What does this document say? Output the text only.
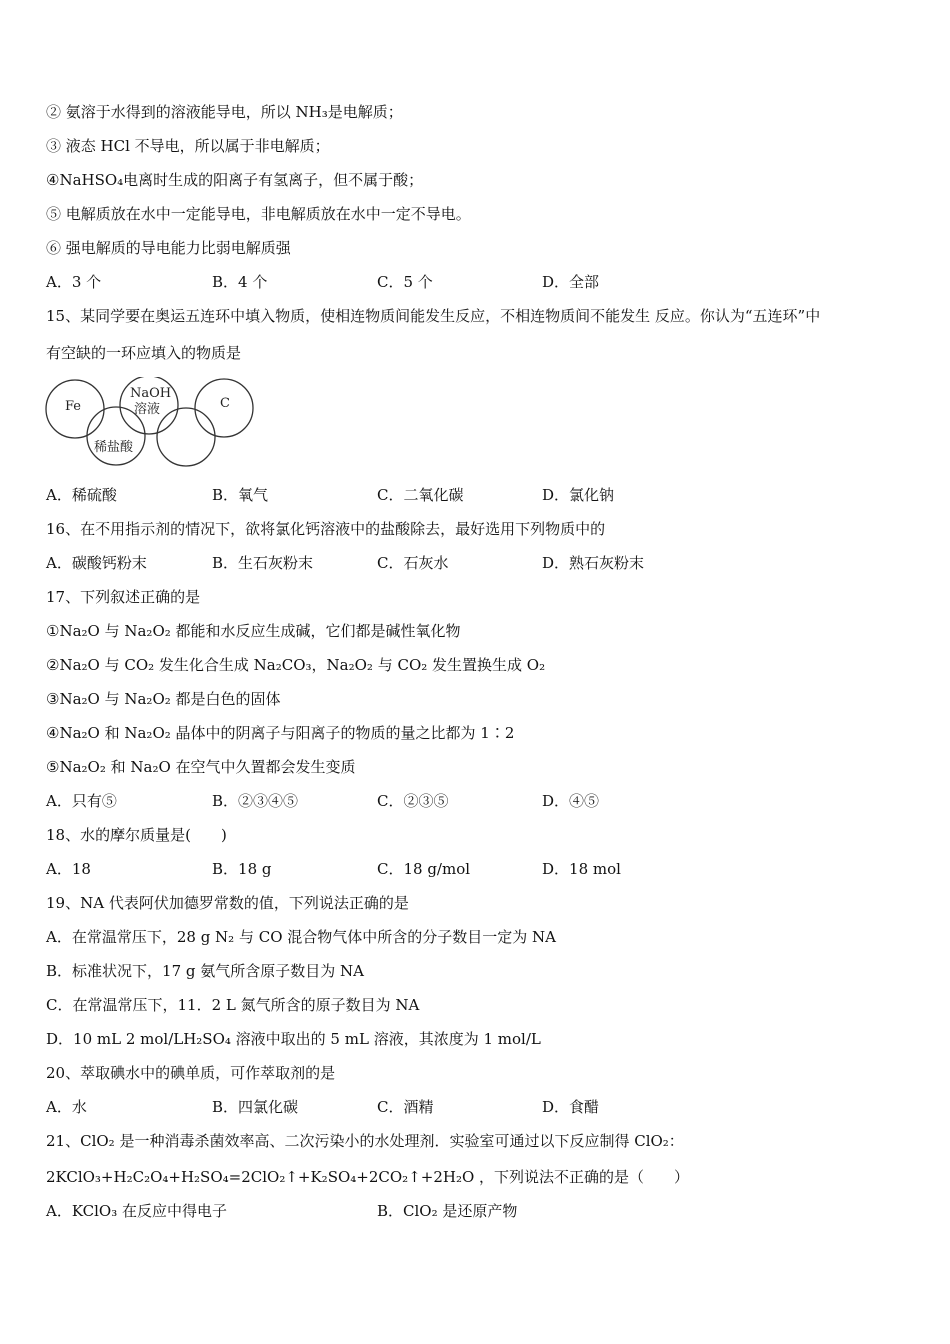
② 氨溶于水得到的溶液能导电，所以 NH₃是电解质；
③ 液态 HCl 不导电，所以属于非电解质；
④NaHSO₄电离时生成的阳离子有氢离子，但不属于酸；
⑤ 电解质放在水中一定能导电，非电解质放在水中一定不导电。
⑥ 强电解质的导电能力比弱电解质强
A．3 个	B．4 个	C．5 个	D．全部
15、某同学要在奥运五连环中填入物质，使相连物质间能发生反应，不相连物质间不能发生 反应。你认为“五连环”中
有空缺的一环应填入的物质是
Fe
NaOH
溶液	C
稀盐酸
A．稀硫酸	B．氧气	C．二氧化碳	D．氯化钠
16、在不用指示剂的情况下，欲将氯化钙溶液中的盐酸除去，最好选用下列物质中的
A．碳酸钙粉末	B．生石灰粉末	C．石灰水	D．熟石灰粉末
17、下列叙述正确的是
①Na₂O 与 Na₂O₂ 都能和水反应生成碱，它们都是碱性氧化物
②Na₂O 与 CO₂ 发生化合生成 Na₂CO₃，Na₂O₂ 与 CO₂ 发生置换生成 O₂
③Na₂O 与 Na₂O₂ 都是白色的固体
④Na₂O 和 Na₂O₂ 晶体中的阴离子与阳离子的物质的量之比都为 1∶2
⑤Na₂O₂ 和 Na₂O 在空气中久置都会发生变质
A．只有⑤	B．②③④⑤	C．②③⑤	D．④⑤
18、水的摩尔质量是(　　)
A．18	B．18 g	C．18 g/mol	D．18 mol
19、NA 代表阿伏加德罗常数的值，下列说法正确的是
A．在常温常压下，28 g N₂ 与 CO 混合物气体中所含的分子数目一定为 NA
B．标准状况下，17 g 氨气所含原子数目为 NA
C．在常温常压下，11．2 L 氮气所含的原子数目为 NA
D．10 mL 2 mol/LH₂SO₄ 溶液中取出的 5 mL 溶液，其浓度为 1 mol/L
20、萃取碘水中的碘单质，可作萃取剂的是
A．水	B．四氯化碳	C．酒精	D．食醋
21、ClO₂ 是一种消毒杀菌效率高、二次污染小的水处理剂．实验室可通过以下反应制得 ClO₂：
2KClO₃+H₂C₂O₄+H₂SO₄=2ClO₂↑+K₂SO₄+2CO₂↑+2H₂O ，下列说法不正确的是（　　）
A．KClO₃ 在反应中得电子	B．ClO₂ 是还原产物
